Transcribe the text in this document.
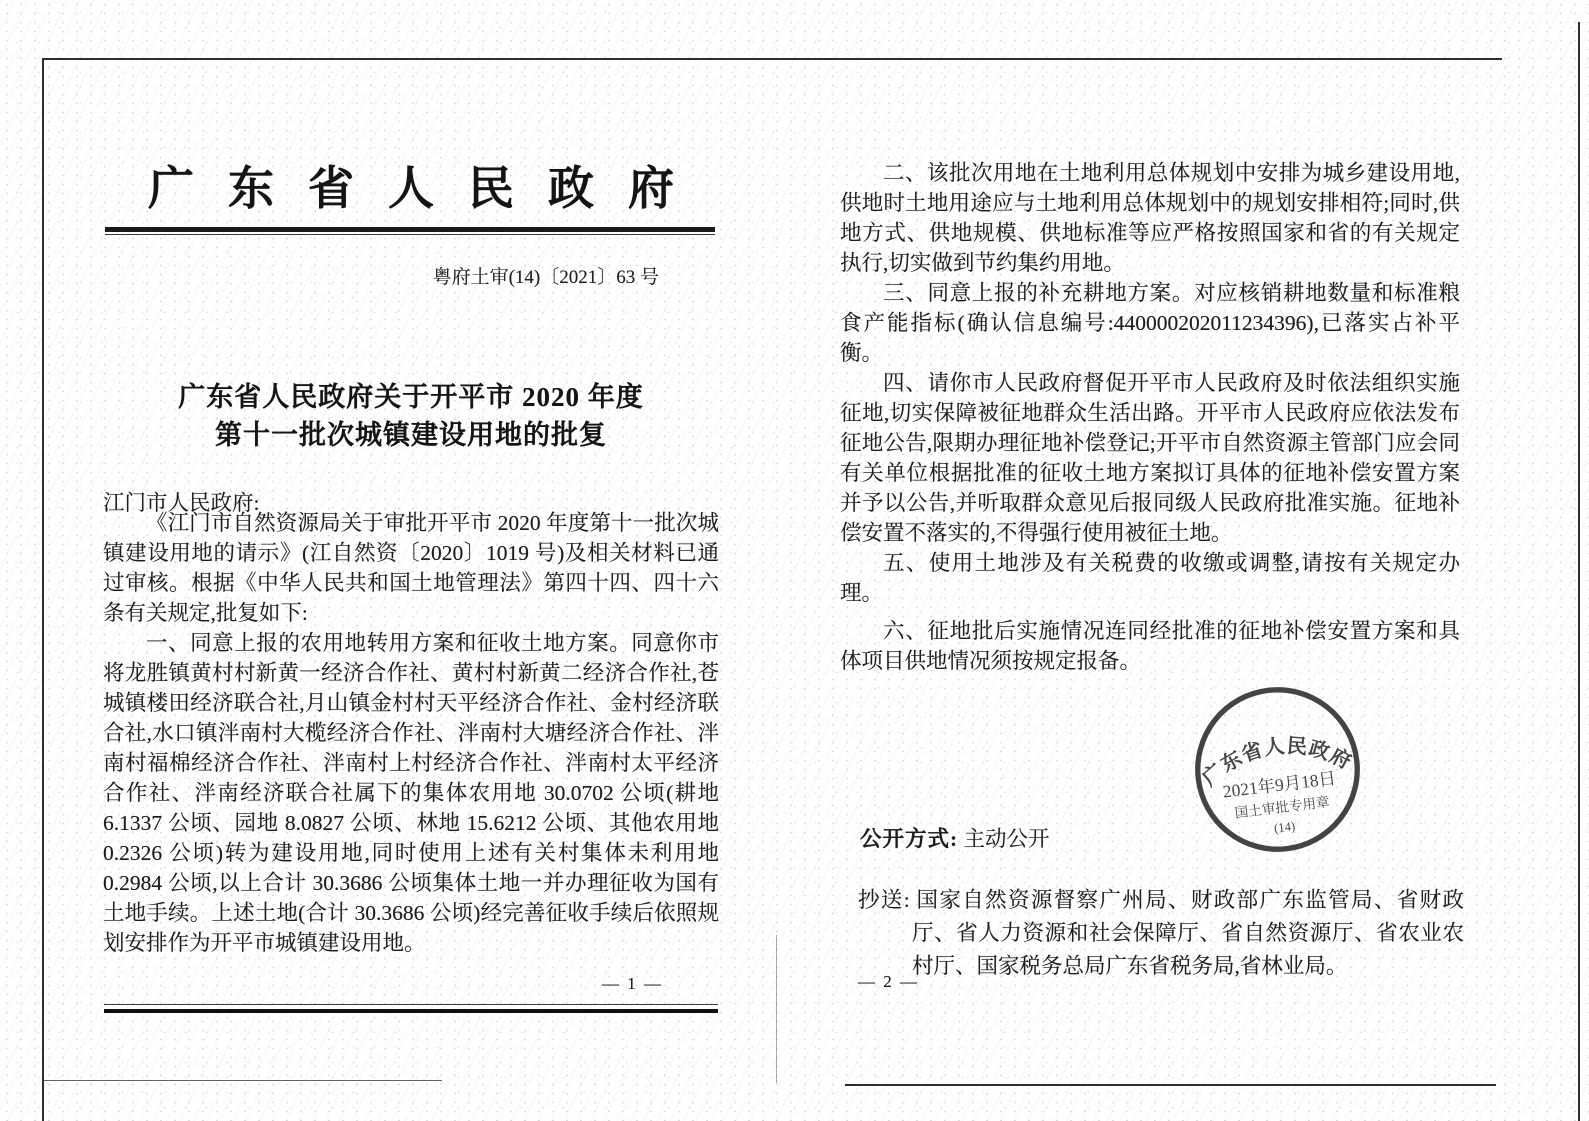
广东省人民政府
粤府土审(14)〔2021〕63 号
广东省人民政府关于开平市 2020 年度
第十一批次城镇建设用地的批复
江门市人民政府:

《江门市自然资源局关于审批开平市 2020 年度第十一批次城镇建设用地的请示》(江自然资〔2020〕1019 号)及相关材料已通过审核。根据《中华人民共和国土地管理法》第四十四、四十六条有关规定,批复如下:

一、同意上报的农用地转用方案和征收土地方案。同意你市将龙胜镇黄村村新黄一经济合作社、黄村村新黄二经济合作社,苍城镇楼田经济联合社,月山镇金村村天平经济合作社、金村经济联合社,水口镇泮南村大榄经济合作社、泮南村大塘经济合作社、泮南村福棉经济合作社、泮南村上村经济合作社、泮南村太平经济合作社、泮南经济联合社属下的集体农用地 30.0702 公顷(耕地 6.1337 公顷、园地 8.0827 公顷、林地 15.6212 公顷、其他农用地 0.2326 公顷)转为建设用地,同时使用上述有关村集体未利用地 0.2984 公顷,以上合计 30.3686 公顷集体土地一并办理征收为国有土地手续。上述土地(合计 30.3686 公顷)经完善征收手续后依照规划安排作为开平市城镇建设用地。

— 1 —

二、该批次用地在土地利用总体规划中安排为城乡建设用地,供地时土地用途应与土地利用总体规划中的规划安排相符;同时,供地方式、供地规模、供地标准等应严格按照国家和省的有关规定执行,切实做到节约集约用地。

三、同意上报的补充耕地方案。对应核销耕地数量和标准粮食产能指标(确认信息编号:440000202011234396),已落实占补平衡。

四、请你市人民政府督促开平市人民政府及时依法组织实施征地,切实保障被征地群众生活出路。开平市人民政府应依法发布征地公告,限期办理征地补偿登记;开平市自然资源主管部门应会同有关单位根据批准的征收土地方案拟订具体的征地补偿安置方案并予以公告,并听取群众意见后报同级人民政府批准实施。征地补偿安置不落实的,不得强行使用被征土地。

五、使用土地涉及有关税费的收缴或调整,请按有关规定办理。

六、征地批后实施情况连同经批准的征地补偿安置方案和具体项目供地情况须按规定报备。

广东省人民政府
2021年9月18日
国土审批专用章
(14)
公开方式: 主动公开
抄送: 国家自然资源督察广州局、财政部广东监管局、省财政厅、省人力资源和社会保障厅、省自然资源厅、省农业农村厅、国家税务总局广东省税务局,省林业局。
— 2 —
